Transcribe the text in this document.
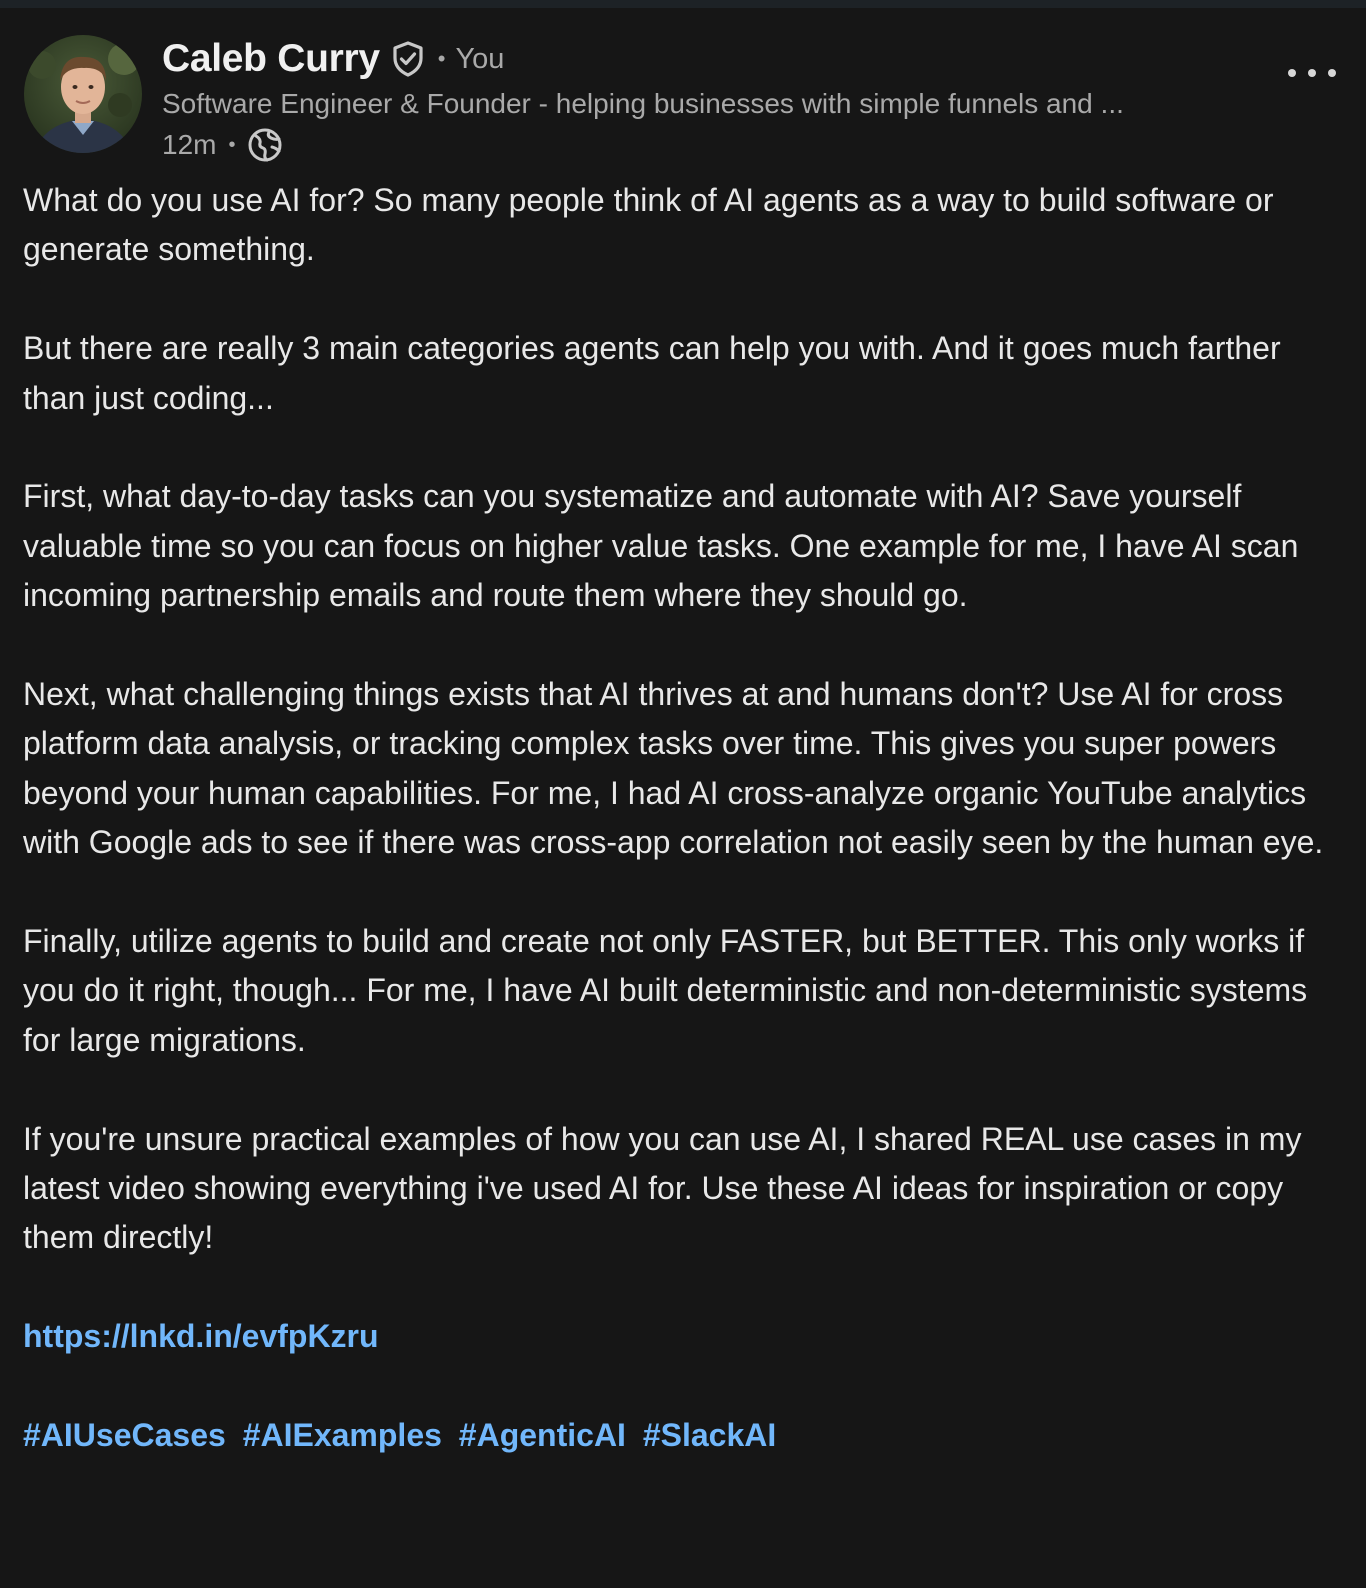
Caleb Curry	• You
Software Engineer & Founder - helping businesses with simple funnels and ...
12m •

What do you use AI for? So many people think of AI agents as a way to build software or generate something.

But there are really 3 main categories agents can help you with. And it goes much farther than just coding...

First, what day-to-day tasks can you systematize and automate with AI? Save yourself valuable time so you can focus on higher value tasks. One example for me, I have AI scan incoming partnership emails and route them where they should go.

Next, what challenging things exists that AI thrives at and humans don't? Use AI for cross platform data analysis, or tracking complex tasks over time. This gives you super powers beyond your human capabilities. For me, I had AI cross-analyze organic YouTube analytics with Google ads to see if there was cross-app correlation not easily seen by the human eye.

Finally, utilize agents to build and create not only FASTER, but BETTER. This only works if you do it right, though... For me, I have AI built deterministic and non-deterministic systems for large migrations.

If you're unsure practical examples of how you can use AI, I shared REAL use cases in my latest video showing everything i've used AI for. Use these AI ideas for inspiration or copy them directly!

https://lnkd.in/evfpKzru

#AIUseCases #AIExamples #AgenticAI #SlackAI
